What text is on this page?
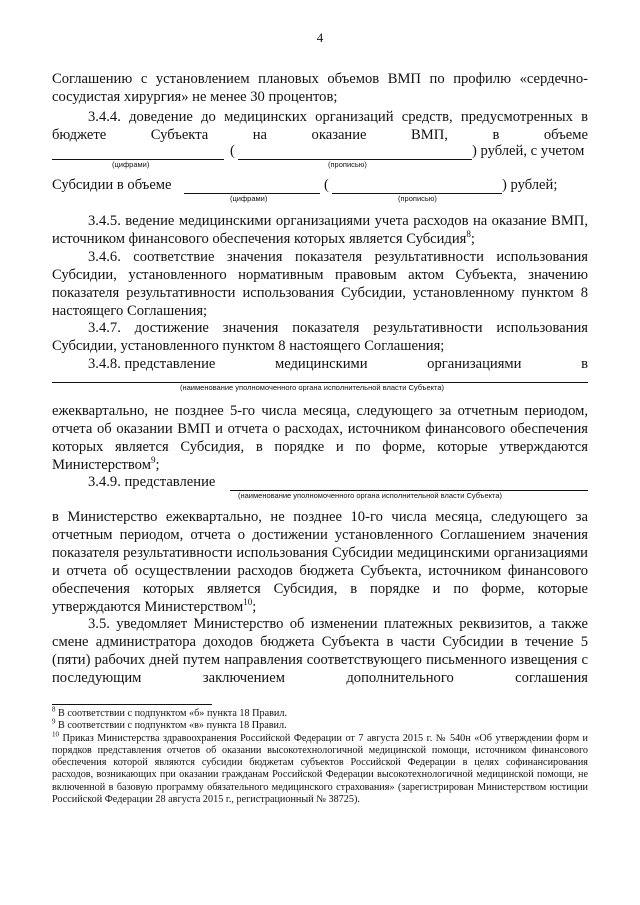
4

Соглашению с установлением плановых объемов ВМП по профилю «сердечно-сосудистая хирургия» не менее 30 процентов;

3.4.4. доведение до медицинских организаций средств, предусмотренных в

бюджете	Субъекта	на	оказание	ВМП,	в	объеме
(цифрами)
(
(прописью)
) рублей, с учетом
Субсидии в объеме
(цифрами)
(
(прописью)
) рублей;

3.4.5. ведение медицинскими организациями учета расходов на оказание ВМП, источником финансового обеспечения которых является Субсидия$^8$;

3.4.6. соответствие значения показателя результативности использования Субсидии, установленного нормативным правовым актом Субъекта, значению показателя результативности использования Субсидии, установленному пунктом 8 настоящего Соглашения;

3.4.7. достижение значения показателя результативности использования Субсидии, установленного пунктом 8 настоящего Соглашения;

3.4.8. представление	медицинскими	организациями	в
(наименование уполномоченного органа исполнительной власти Субъекта)

ежеквартально, не позднее 5-го числа месяца, следующего за отчетным периодом, отчета об оказании ВМП и отчета о расходах, источником финансового обеспечения которых является Субсидия, в порядке и по форме, которые утверждаются Министерством$^9$;

3.4.9. представление
(наименование уполномоченного органа исполнительной власти Субъекта)

в Министерство ежеквартально, не позднее 10-го числа месяца, следующего за отчетным периодом, отчета о достижении установленного Соглашением значения показателя результативности использования Субсидии медицинскими организациями и отчета об осуществлении расходов бюджета Субъекта, источником финансового обеспечения которых является Субсидия, в порядке и по форме, которые утверждаются Министерством$^{10}$;

3.5. уведомляет Министерство об изменении платежных реквизитов, а также смене администратора доходов бюджета Субъекта в части Субсидии в течение 5 (пяти) рабочих дней путем направления соответствующего письменного извещения с последующим заключением дополнительного соглашения

$^8$ В соответствии с подпунктом «б» пункта 18 Правил.

$^9$ В соответствии с подпунктом «в» пункта 18 Правил.

$^{10}$ Приказ Министерства здравоохранения Российской Федерации от 7 августа 2015 г. № 540н «Об утверждении форм и порядков представления отчетов об оказании высокотехнологичной медицинской помощи, источником финансового обеспечения которой являются субсидии бюджетам субъектов Российской Федерации в целях софинансирования расходов, возникающих при оказании гражданам Российской Федерации высокотехнологичной медицинской помощи, не включенной в базовую программу обязательного медицинского страхования» (зарегистрирован Министерством юстиции Российской Федерации 28 августа 2015 г., регистрационный № 38725).
